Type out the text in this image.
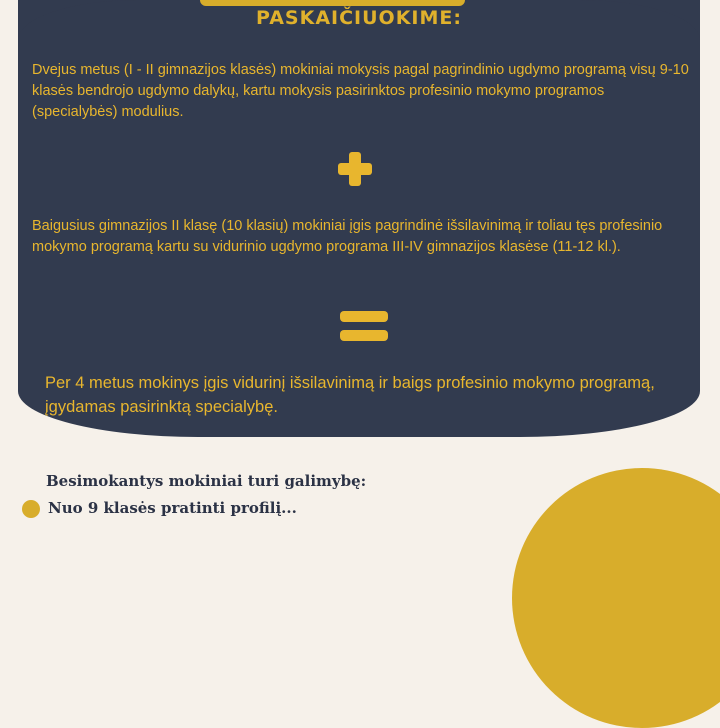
PASKAIČIUOKIME:
Dvejus metus (I - II gimnazijos klasės) mokiniai mokysis pagal pagrindinio ugdymo programą visų 9-10 klasės bendrojo ugdymo dalykų, kartu mokysis pasirinktos profesinio mokymo programos (specialybės) modulius.
Baigusius gimnazijos II klasę (10 klasių) mokiniai įgis pagrindinė išsilavinimą ir toliau tęs profesinio mokymo programą kartu su vidurinio ugdymo programa III-IV gimnazijos klasėse (11-12 kl.).
Per 4 metus mokinys įgis vidurinį išsilavinimą ir baigs profesinio mokymo programą, įgydamas pasirinktą specialybę.
Besimokantys mokiniai turi galimybę:
Nuo 9 klasės pratinti profilį...
